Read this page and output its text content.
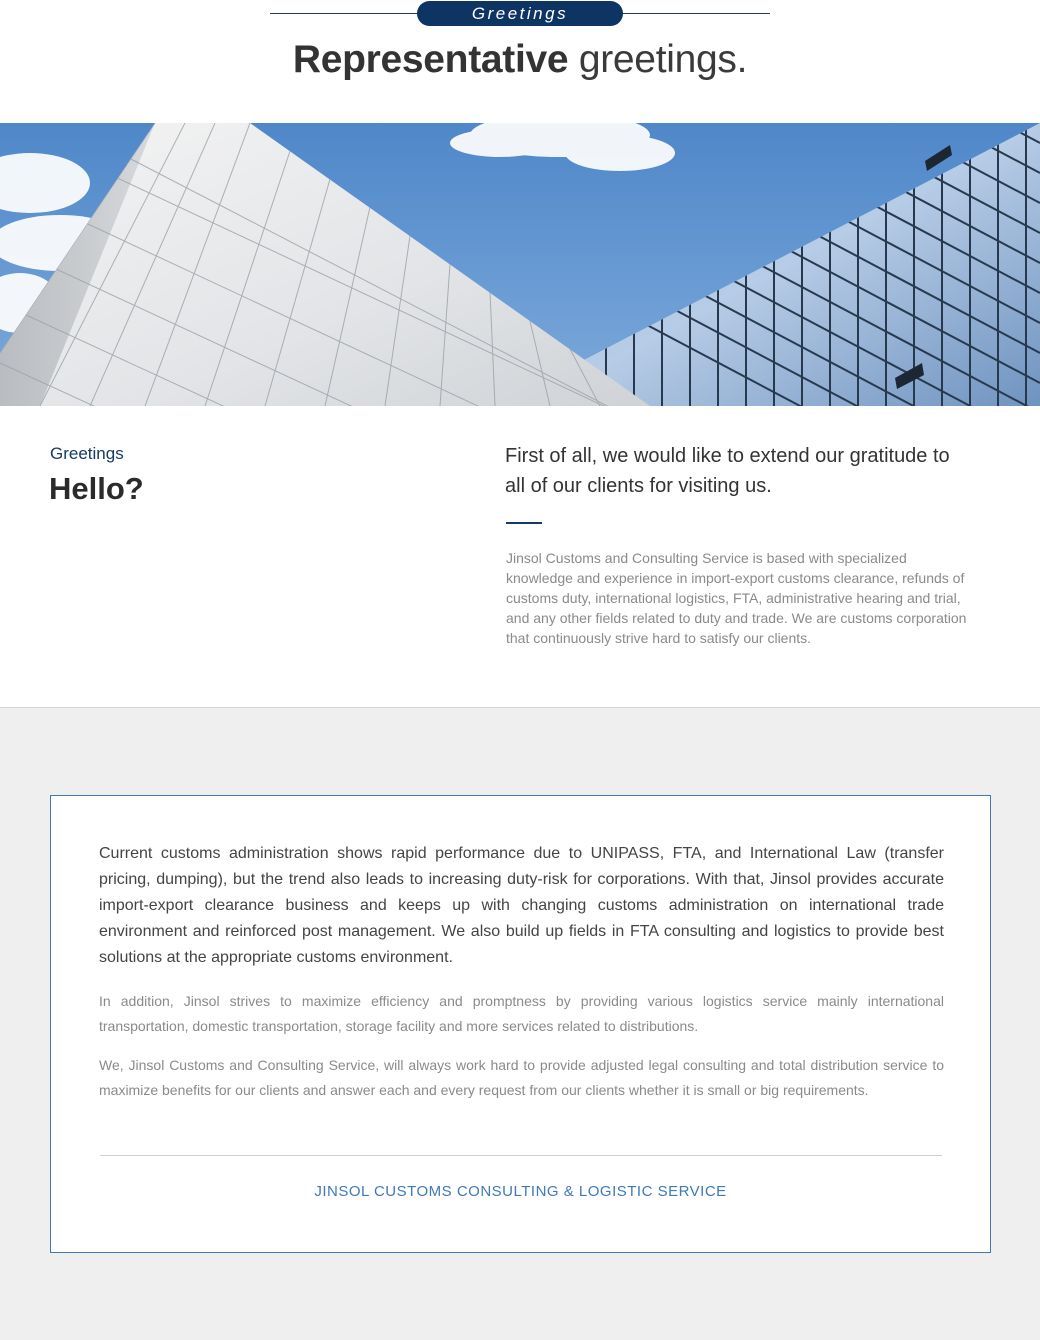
Greetings
Representative greetings.
Greetings
Hello?

First of all, we would like to extend our gratitude to all of our clients for visiting us.

Jinsol Customs and Consulting Service is based with specialized knowledge and experience in import-export customs clearance, refunds of customs duty, international logistics, FTA, administrative hearing and trial, and any other fields related to duty and trade. We are customs corporation that continuously strive hard to satisfy our clients.

Current customs administration shows rapid performance due to UNIPASS, FTA, and International Law (transfer pricing, dumping), but the trend also leads to increasing duty-risk for corporations. With that, Jinsol provides accurate import-export clearance business and keeps up with changing customs administration on international trade environment and reinforced post management. We also build up fields in FTA consulting and logistics to provide best solutions at the appropriate customs environment.

In addition, Jinsol strives to maximize efficiency and promptness by providing various logistics service mainly international transportation, domestic transportation, storage facility and more services related to distributions.

We, Jinsol Customs and Consulting Service, will always work hard to provide adjusted legal consulting and total distribution service to maximize benefits for our clients and answer each and every request from our clients whether it is small or big requirements.

JINSOL CUSTOMS CONSULTING & LOGISTIC SERVICE
